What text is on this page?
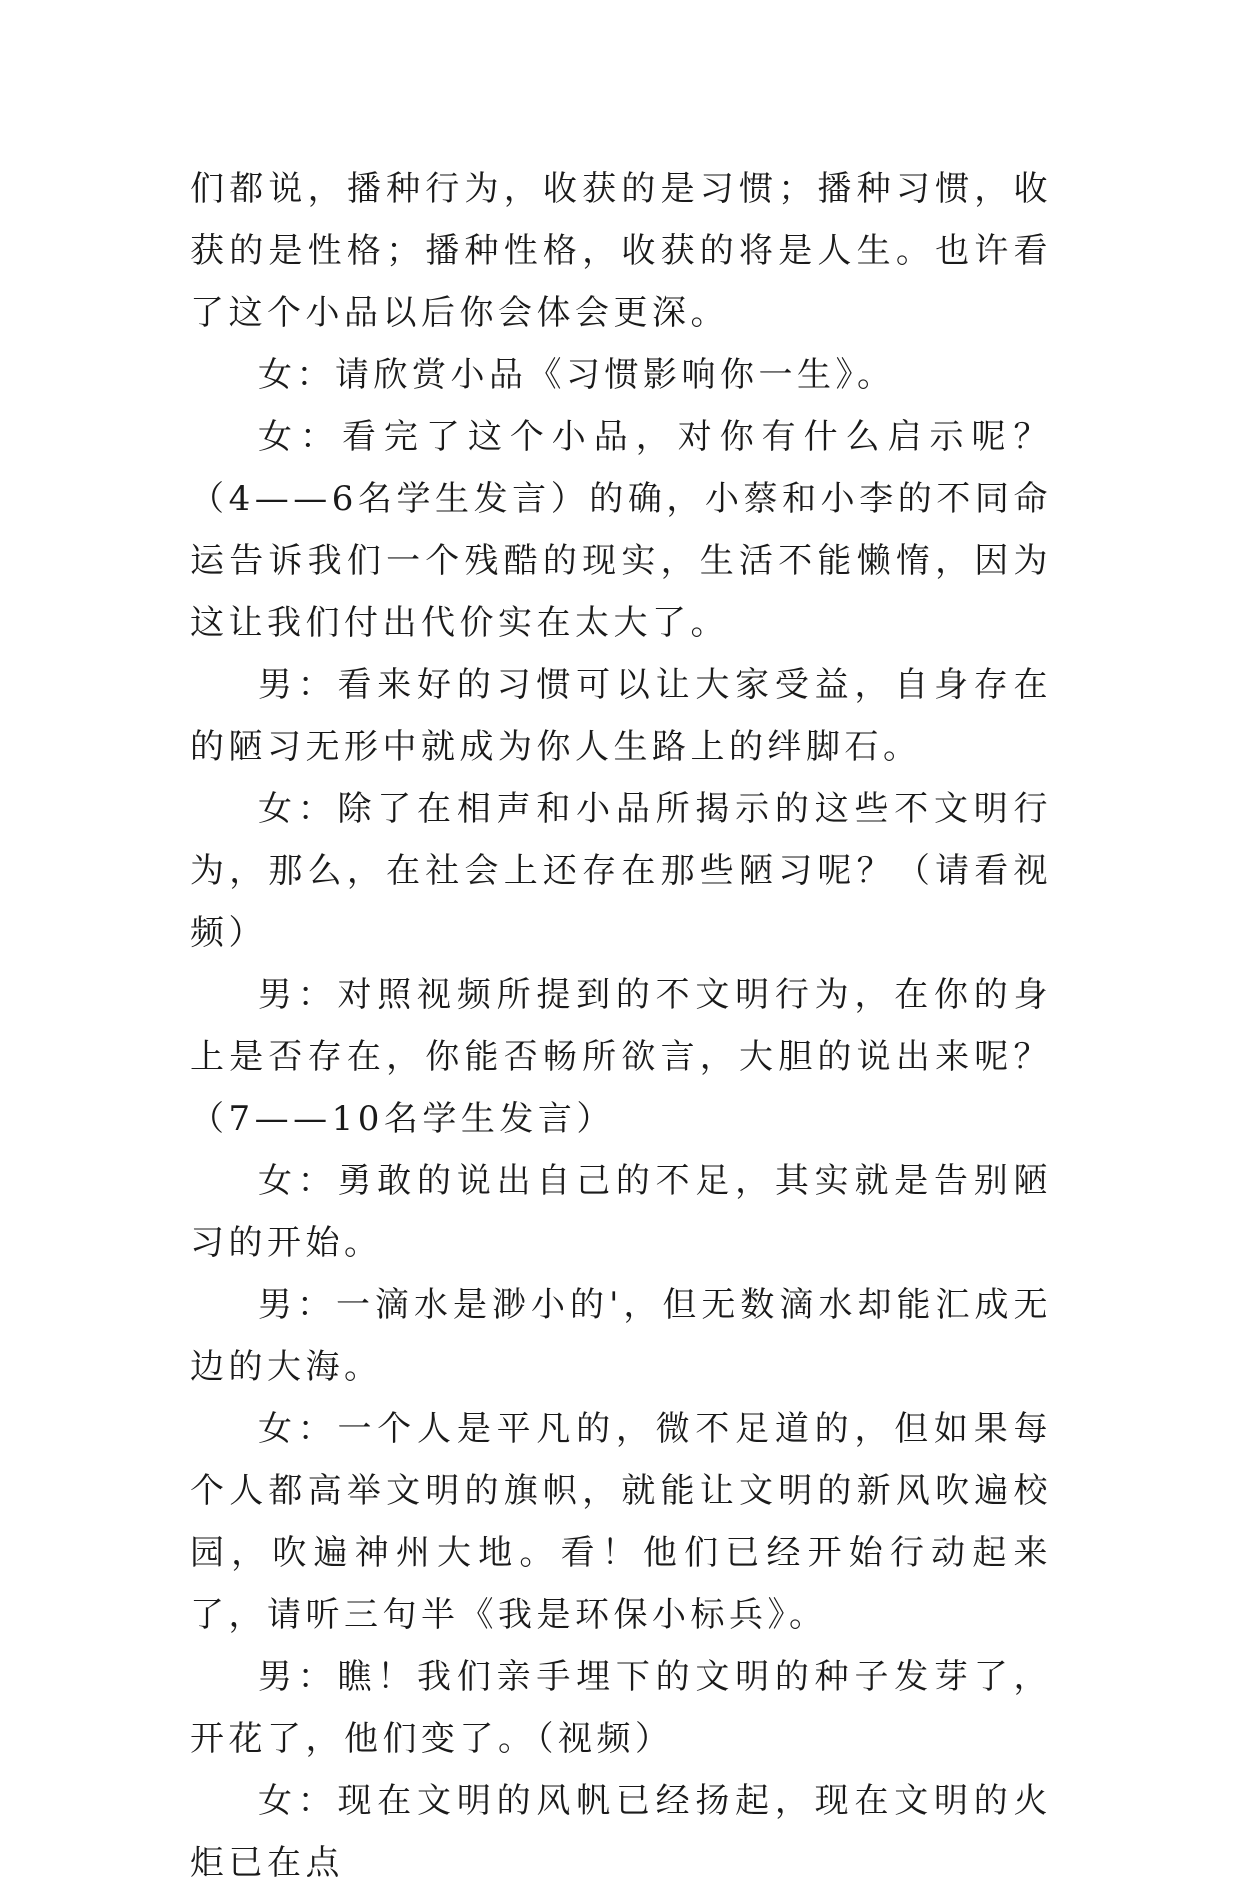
们都说，播种行为，收获的是习惯；播种习惯，收获的是性格；播种性格，收获的将是人生。也许看了这个小品以后你会体会更深。

女：请欣赏小品《习惯影响你一生》。

女：看完了这个小品，对你有什么启示呢？（4——6名学生发言）的确，小蔡和小李的不同命运告诉我们一个残酷的现实，生活不能懒惰，因为这让我们付出代价实在太大了。

男：看来好的习惯可以让大家受益，自身存在的陋习无形中就成为你人生路上的绊脚石。

女：除了在相声和小品所揭示的这些不文明行为，那么，在社会上还存在那些陋习呢？（请看视频）

男：对照视频所提到的不文明行为，在你的身上是否存在，你能否畅所欲言，大胆的说出来呢？（7——10名学生发言）

女：勇敢的说出自己的不足，其实就是告别陋习的开始。

男：一滴水是渺小的'，但无数滴水却能汇成无边的大海。

女：一个人是平凡的，微不足道的，但如果每个人都高举文明的旗帜，就能让文明的新风吹遍校园，吹遍神州大地。看！他们已经开始行动起来了，请听三句半《我是环保小标兵》。

男：瞧！我们亲手埋下的文明的种子发芽了，开花了，他们变了。（视频）

女：现在文明的风帆已经扬起，现在文明的火炬已在点
